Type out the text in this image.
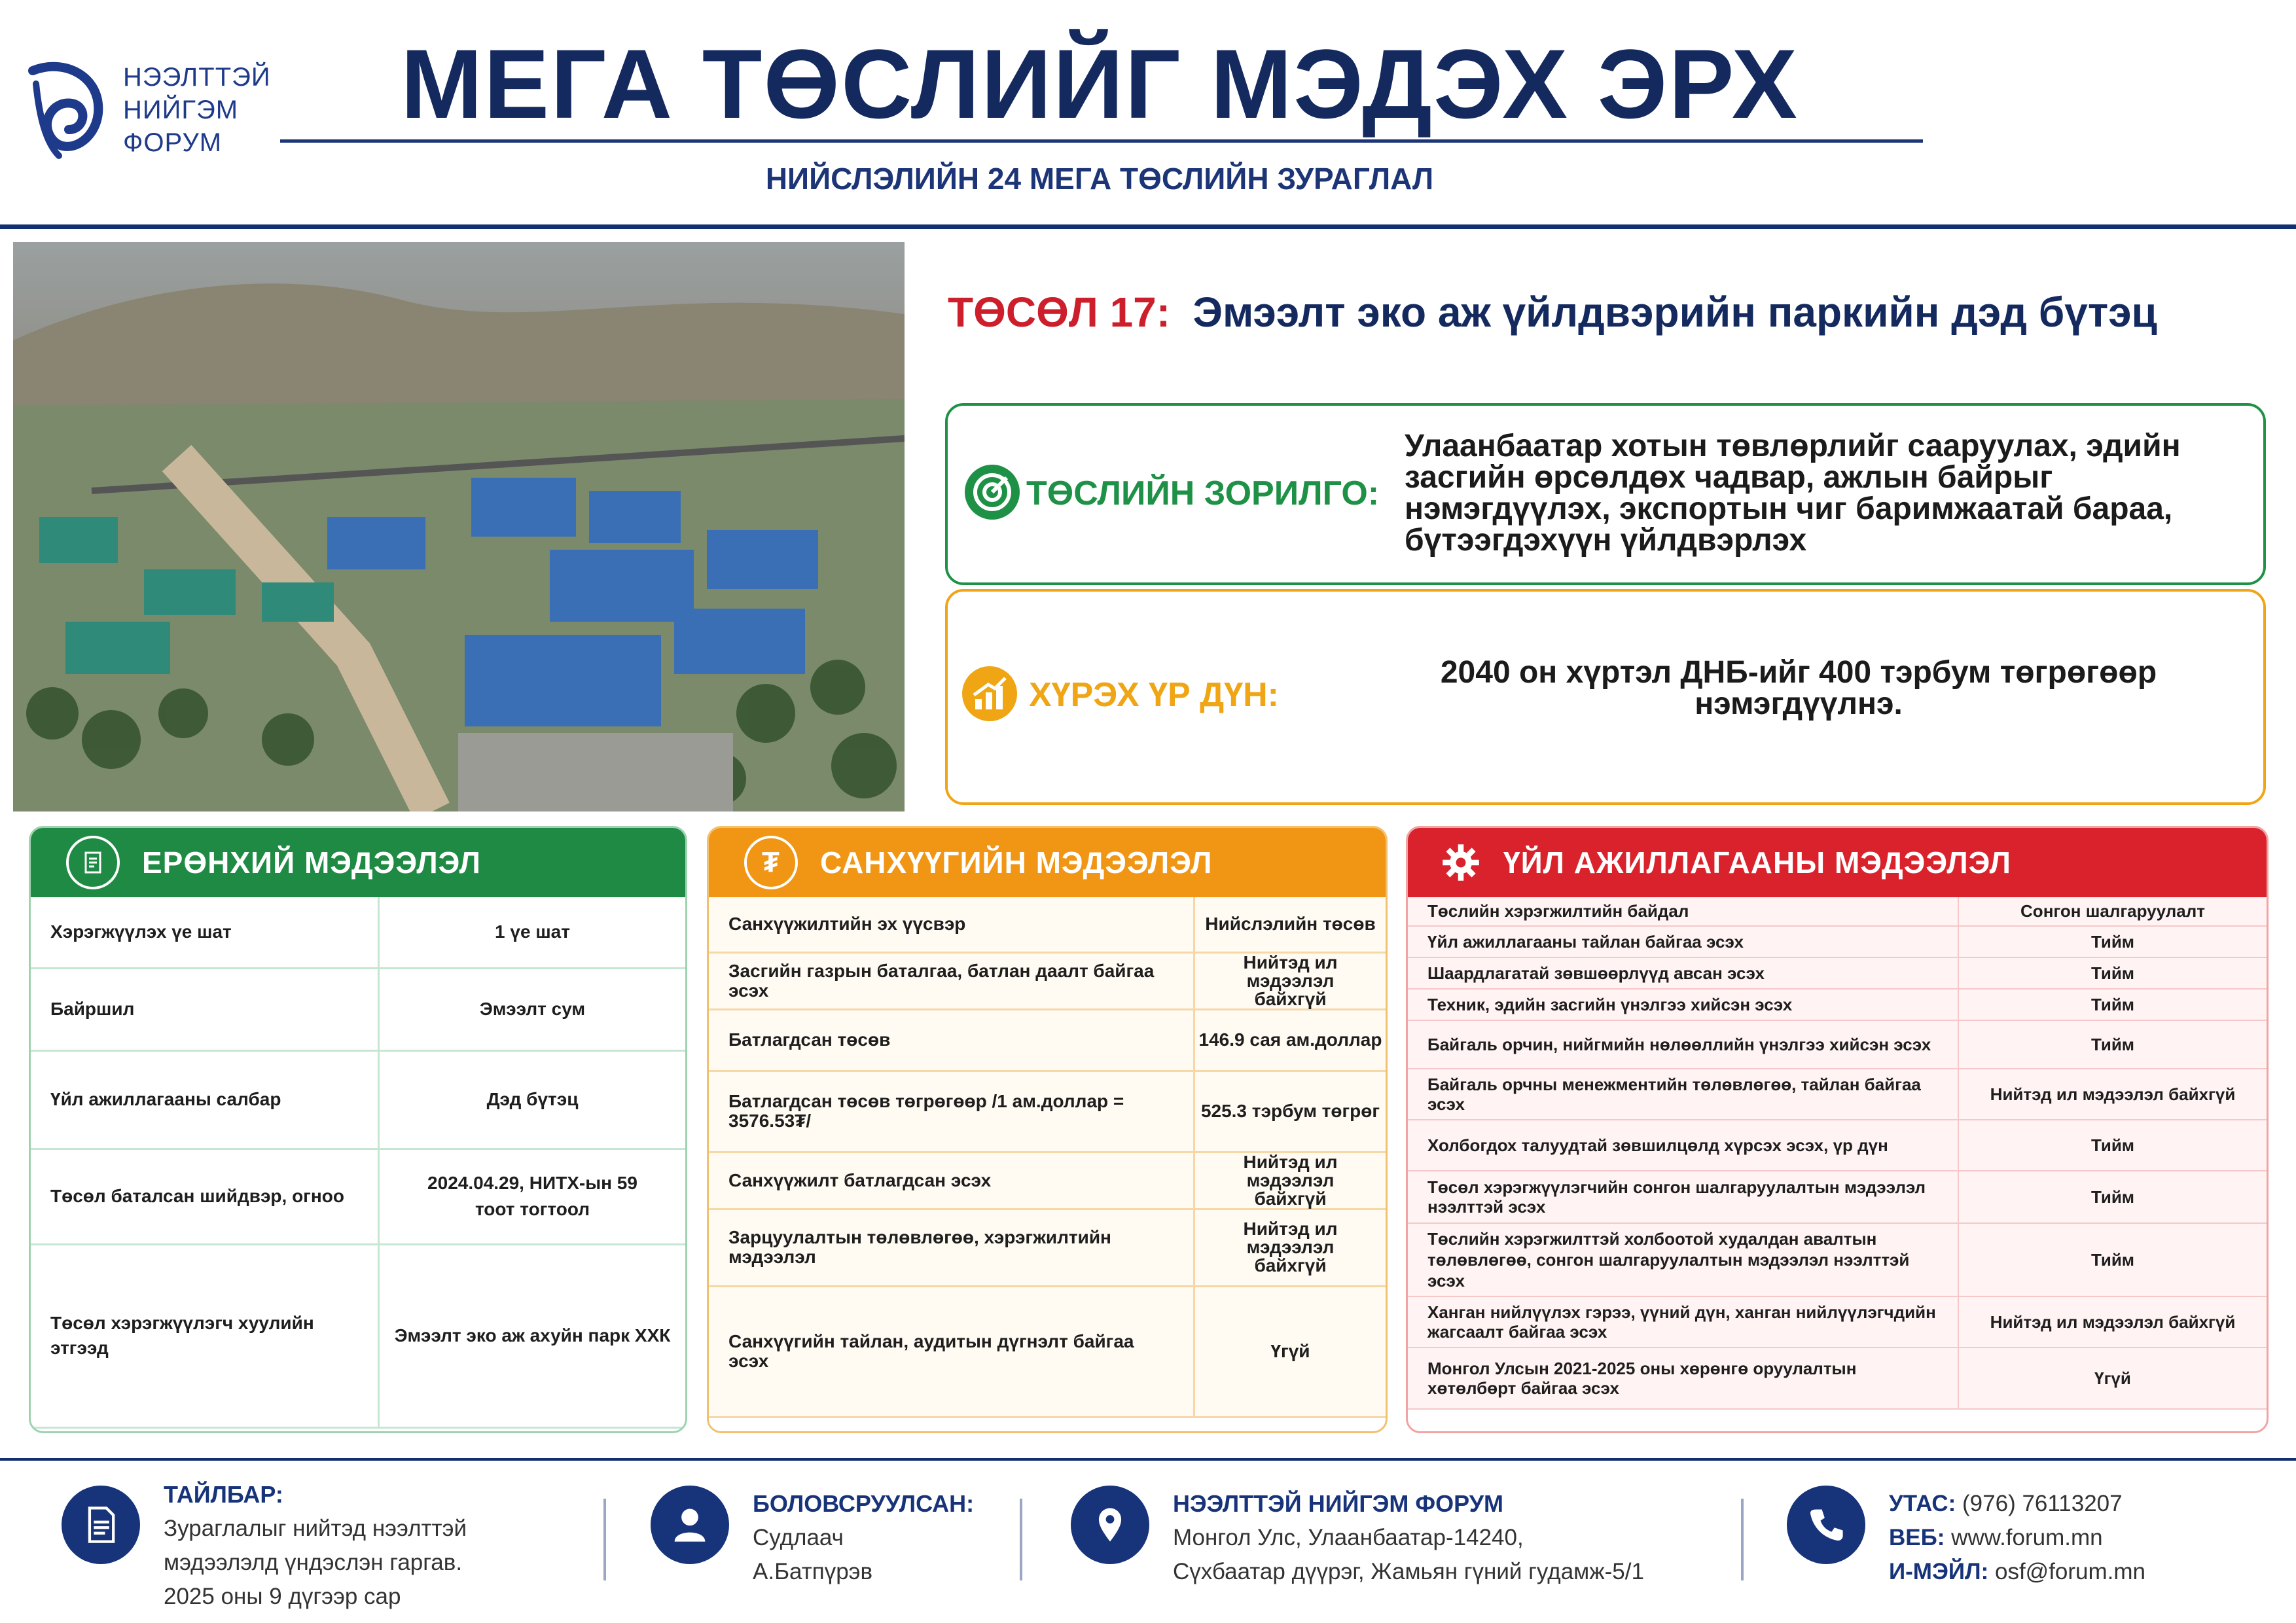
НЭЭЛТТЭЙ
НИЙГЭМ
ФОРУМ
МЕГА ТӨСЛИЙГ МЭДЭХ ЭРХ
НИЙСЛЭЛИЙН 24 МЕГА ТӨСЛИЙН ЗУРАГЛАЛ
ТӨСӨЛ 17: Эмээлт эко аж үйлдвэрийн паркийн дэд бүтэц
ТӨСЛИЙН ЗОРИЛГО:
Улаанбаатар хотын төвлөрлийг сааруулах, эдийн засгийн өрсөлдөх чадвар, ажлын байрыг нэмэгдүүлэх, экспортын чиг баримжаатай бараа, бүтээгдэхүүн үйлдвэрлэх
ХҮРЭХ ҮР ДҮН:
2040 он хүртэл ДНБ-ийг 400 тэрбум төгрөгөөр нэмэгдүүлнэ.
ЕРӨНХИЙ МЭДЭЭЛЭЛ
Хэрэгжүүлэх үе шат	1 үе шат
Байршил	Эмээлт сум
Үйл ажиллагааны салбар	Дэд бүтэц
Төсөл баталсан шийдвэр, огноо	2024.04.29, НИТХ-ын 59 тоот тогтоол
Төсөл хэрэгжүүлэгч хуулийн этгээд	Эмээлт эко аж ахуйн парк ХХК
₮ САНХҮҮГИЙН МЭДЭЭЛЭЛ
Санхүүжилтийн эх үүсвэр	Нийслэлийн төсөв
Засгийн газрын баталгаа, батлан даалт байгаа эсэх	Нийтэд ил мэдээлэл байхгүй
Батлагдсан төсөв	146.9 сая ам.доллар
Батлагдсан төсөв төгрөгөөр /1 ам.доллар = 3576.53₮/	525.3 тэрбум төгрөг
Санхүүжилт батлагдсан эсэх	Нийтэд ил мэдээлэл байхгүй
Зарцуулалтын төлөвлөгөө, хэрэгжилтийн мэдээлэл	Нийтэд ил мэдээлэл байхгүй
Санхүүгийн тайлан, аудитын дүгнэлт байгаа эсэх	Үгүй
ҮЙЛ АЖИЛЛАГААНЫ МЭДЭЭЛЭЛ
Төслийн хэрэгжилтийн байдал	Сонгон шалгаруулалт
Үйл ажиллагааны тайлан байгаа эсэх	Тийм
Шаардлагатай зөвшөөрлүүд авсан эсэх	Тийм
Техник, эдийн засгийн үнэлгээ хийсэн эсэх	Тийм
Байгаль орчин, нийгмийн нөлөөллийн үнэлгээ хийсэн эсэх	Тийм
Байгаль орчны менежментийн төлөвлөгөө, тайлан байгаа эсэх	Нийтэд ил мэдээлэл байхгүй
Холбогдох талуудтай зөвшилцөлд хүрсэх эсэх, үр дүн	Тийм
Төсөл хэрэгжүүлэгчийн сонгон шалгаруулалтын мэдээлэл нээлттэй эсэх	Тийм
Төслийн хэрэгжилттэй холбоотой худалдан авалтын төлөвлөгөө, сонгон шалгаруулалтын мэдээлэл нээлттэй эсэх	Тийм
Ханган нийлүүлэх гэрээ, үүний дүн, ханган нийлүүлэгчдийн жагсаалт байгаа эсэх	Нийтэд ил мэдээлэл байхгүй
Монгол Улсын 2021-2025 оны хөрөнгө оруулалтын хөтөлбөрт байгаа эсэх	Үгүй
ТАЙЛБАР:
Зураглалыг нийтэд нээлттэй
мэдээлэлд үндэслэн гаргав.
2025 оны 9 дүгээр сар
БОЛОВСРУУЛСАН:
Судлаач
А.Батпүрэв
НЭЭЛТТЭЙ НИЙГЭМ ФОРУМ
Монгол Улс, Улаанбаатар-14240,
Сүхбаатар дүүрэг, Жамьян гүний гудамж-5/1
УТАС: (976) 76113207
ВЕБ: www.forum.mn
И-МЭЙЛ: osf@forum.mn
